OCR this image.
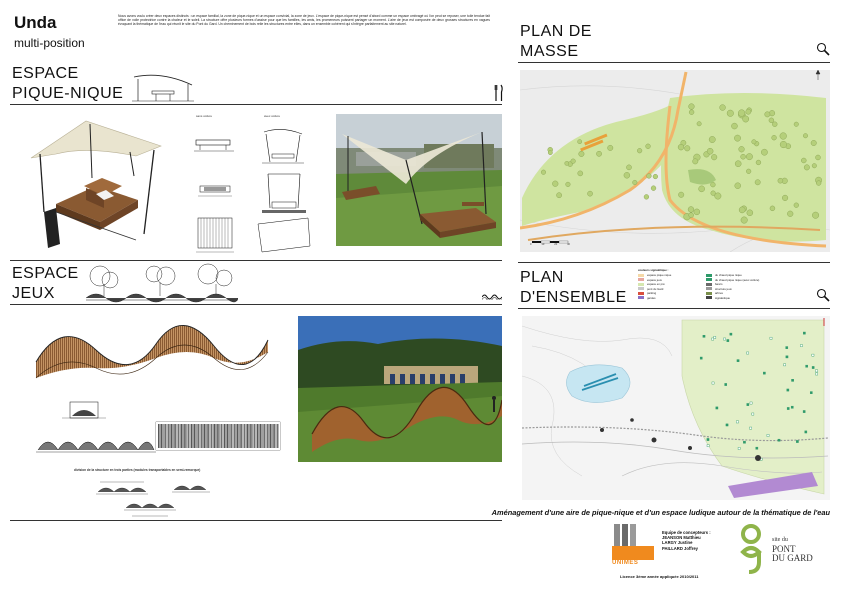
Unda
multi-position
Nous avons voulu créer deux espaces distincts : un espace familial, la zone de pique-nique et un espace convivial, la zone de jeux. L'espace de pique-nique est pensé d'abord comme un espace ombragé où l'on peut se reposer, une toile tendue fait office de voile protectrice contre la chaleur et le soleil. La structure offre plusieurs formes d'assise pour que les familles, les amis, les promeneurs puissent partager un moment. L'aire de jeux est composée de deux grosses structures en vagues évoquant la thématique de l'eau qui réunit le site du Pont du Gard. Un cheminement de bois relie les structures entre elles, dans un ensemble cohérent qui s'intègre parfaitement au site naturel.
ESPACE
PIQUE-NIQUE
sans voilure	avec voilure
ESPACE
JEUX
division de la structure en trois parties (modules transportables en semi-remorque)
PLAN DE
MASSE
0	10	20	30
PLAN
D'ENSEMBLE
couleurs signalétique :
espace pique nique
espace jeux
espace en pré
pont du Gard
parking
gardes
du chaud pique nique
du chaud pique nique (avec voilure)
bancs
structure jeux
arbres
signalétique
Aménagement d'une aire de pique-nique et d'un espace ludique autour de la thématique de l'eau
UNIMES
Equipe de concepteurs :
JEANSON Matthieu
LARGY Justine
PAILLARD Joffrey
Licence 3ème année appliquée 2010/2011
site du
PONT
DU GARD
